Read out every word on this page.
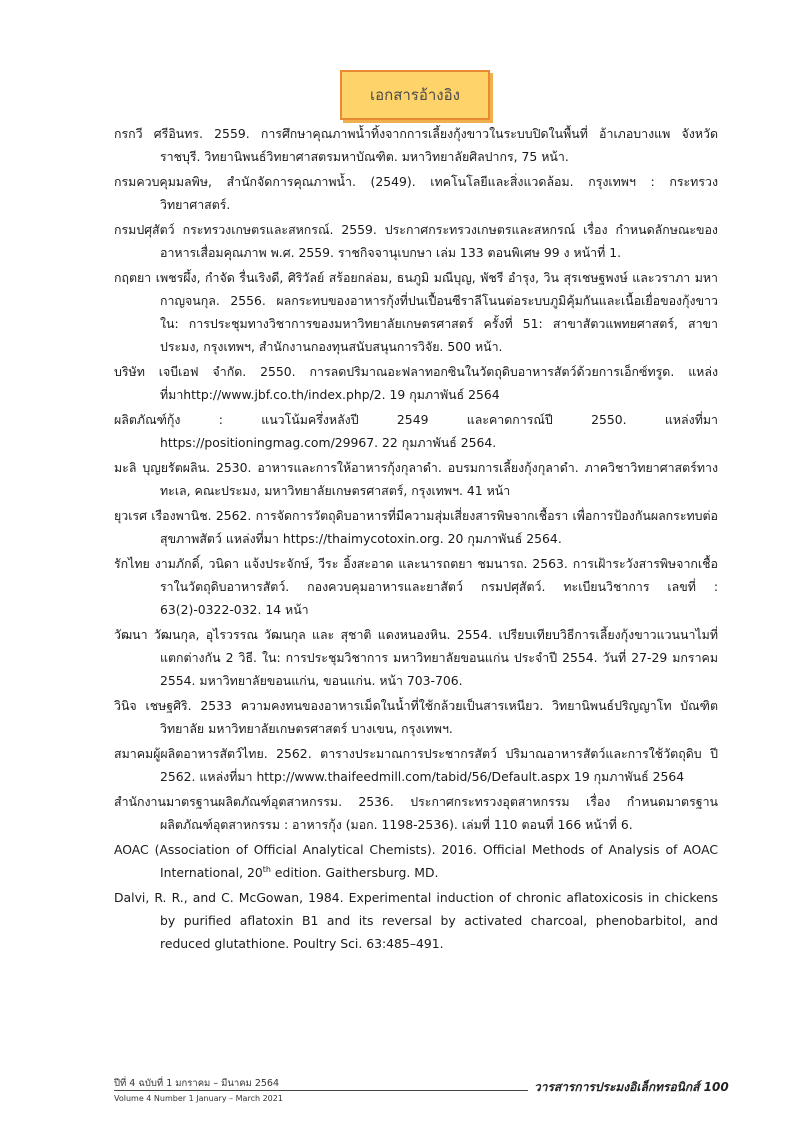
เอกสารอ้างอิง
กรกวี ศรีอินทร. 2559. การศึกษาคุณภาพน้ำทิ้งจากการเลี้ยงกุ้งขาวในระบบปิดในพื้นที่ อ้าเภอบางแพ จังหวัดราชบุรี. วิทยานิพนธ์วิทยาศาสตรมหาบัณฑิต. มหาวิทยาลัยศิลปากร, 75 หน้า.
กรมควบคุมมลพิษ, สำนักจัดการคุณภาพน้ำ. (2549). เทคโนโลยีและสิ่งแวดล้อม. กรุงเทพฯ : กระทรวงวิทยาศาสตร์.
กรมปศุสัตว์ กระทรวงเกษตรและสหกรณ์. 2559. ประกาศกระทรวงเกษตรและสหกรณ์ เรื่อง กำหนดลักษณะของอาหารเสื่อมคุณภาพ พ.ศ. 2559. ราชกิจจานุเบกษา เล่ม 133 ตอนพิเศษ 99 ง หน้าที่ 1.
กฤตยา เพชรผึ้ง, กำจัด รื่นเริงดี, ศิริวัลย์ สร้อยกล่อม, ธนภูมิ มณีบุญ, พัชรี อำรุง, วิน สุรเชษฐพงษ์ และวราภา มหากาญจนกุล. 2556. ผลกระทบของอาหารกุ้งที่ปนเปื้อนซีราลีโนนต่อระบบภูมิคุ้มกันและเนื้อเยื่อของกุ้งขาว ใน: การประชุมทางวิชาการของมหาวิทยาลัยเกษตรศาสตร์ ครั้งที่ 51: สาขาสัตวแพทยศาสตร์, สาขาประมง, กรุงเทพฯ, สำนักงานกองทุนสนับสนุนการวิจัย. 500 หน้า.
บริษัท เจบีเอฟ จำกัด. 2550. การลดปริมาณอะฟลาทอกซินในวัตถุดิบอาหารสัตว์ด้วยการเอ็กซ์ทรูด. แหล่งที่มาhttp://www.jbf.co.th/index.php/2. 19 กุมภาพันธ์ 2564
ผลิตภัณฑ์กุ้ง : แนวโน้มครึ่งหลังปี 2549 และคาดการณ์ปี 2550. แหล่งที่มา https://positioningmag.com/29967. 22 กุมภาพันธ์ 2564.
มะลิ บุญยรัตผลิน. 2530. อาหารและการให้อาหารกุ้งกุลาดำ. อบรมการเลี้ยงกุ้งกุลาดำ. ภาควิชาวิทยาศาสตร์ทางทะเล, คณะประมง, มหาวิทยาลัยเกษตรศาสตร์, กรุงเทพฯ. 41 หน้า
ยุวเรศ เรืองพานิช. 2562. การจัดการวัตถุดิบอาหารที่มีความสุ่มเสี่ยงสารพิษจากเชื้อรา เพื่อการป้องกันผลกระทบต่อสุขภาพสัตว์ แหล่งที่มา https://thaimycotoxin.org. 20 กุมภาพันธ์ 2564.
รักไทย งามภักดิ์, วนิดา แจ้งประจักษ์, วีระ อิ้งสะอาด และนารถตยา ชมนารถ. 2563. การเฝ้าระวังสารพิษจากเชื้อราในวัตถุดิบอาหารสัตว์. กองควบคุมอาหารและยาสัตว์ กรมปศุสัตว์. ทะเบียนวิชาการ เลขที่ : 63(2)-0322-032. 14 หน้า
วัฒนา วัฒนกุล, อุไรวรรณ วัฒนกุล และ สุชาติ แดงหนองหิน. 2554. เปรียบเทียบวิธีการเลี้ยงกุ้งขาวแวนนาไมที่แตกต่างกัน 2 วิธี. ใน: การประชุมวิชาการ มหาวิทยาลัยขอนแก่น ประจำปี 2554. วันที่ 27-29 มกราคม 2554. มหาวิทยาลัยขอนแก่น, ขอนแก่น. หน้า 703-706.
วินิจ เชษฐศิริ. 2533 ความคงทนของอาหารเม็ดในน้ำที่ใช้กล้วยเป็นสารเหนียว. วิทยานิพนธ์ปริญญาโท บัณฑิตวิทยาลัย มหาวิทยาลัยเกษตรศาสตร์ บางเขน, กรุงเทพฯ.
สมาคมผู้ผลิตอาหารสัตว์ไทย. 2562. ตารางประมาณการประชากรสัตว์ ปริมาณอาหารสัตว์และการใช้วัตถุดิบ ปี 2562. แหล่งที่มา http://www.thaifeedmill.com/tabid/56/Default.aspx 19 กุมภาพันธ์ 2564
สำนักงานมาตรฐานผลิตภัณฑ์อุตสาหกรรม. 2536. ประกาศกระทรวงอุตสาหกรรม เรื่อง กำหนดมาตรฐานผลิตภัณฑ์อุตสาหกรรม : อาหารกุ้ง (มอก. 1198-2536). เล่มที่ 110 ตอนที่ 166 หน้าที่ 6.
AOAC (Association of Official Analytical Chemists). 2016. Official Methods of Analysis of AOAC International, 20th edition. Gaithersburg. MD.
Dalvi, R. R., and C. McGowan, 1984. Experimental induction of chronic aflatoxicosis in chickens by purified aflatoxin B1 and its reversal by activated charcoal, phenobarbitol, and reduced glutathione. Poultry Sci. 63:485–491.
ปีที่ 4 ฉบับที่ 1 มกราคม – มีนาคม 2564
Volume 4 Number 1 January – March 2021
วารสารการประมงอิเล็กทรอนิกส์ 100
